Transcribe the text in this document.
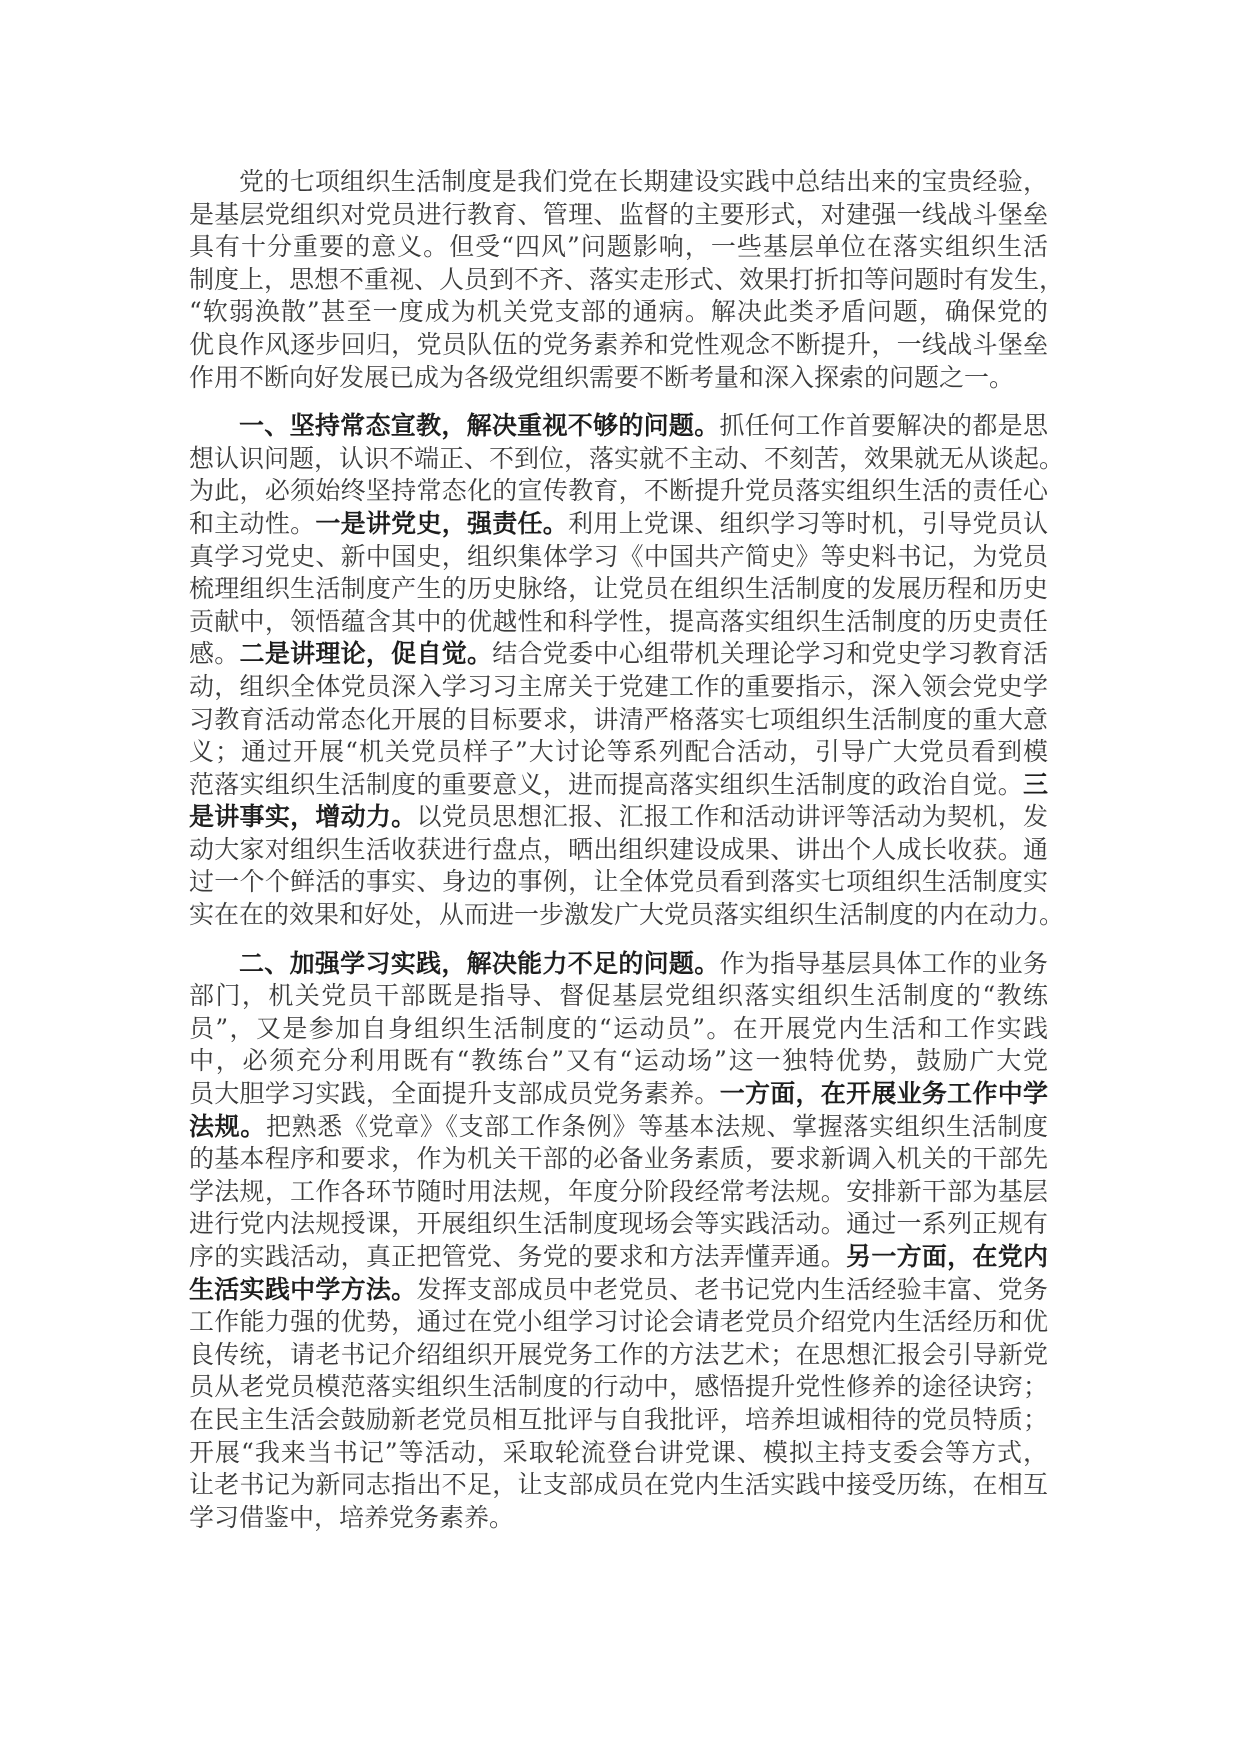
党的七项组织生活制度是我们党在长期建设实践中总结出来的宝贵经验，
是基层党组织对党员进行教育、管理、监督的主要形式，对建强一线战斗堡垒
具有十分重要的意义。但受“四风”问题影响，一些基层单位在落实组织生活
制度上，思想不重视、人员到不齐、落实走形式、效果打折扣等问题时有发生，
“软弱涣散”甚至一度成为机关党支部的通病。解决此类矛盾问题，确保党的
优良作风逐步回归，党员队伍的党务素养和党性观念不断提升，一线战斗堡垒
作用不断向好发展已成为各级党组织需要不断考量和深入探索的问题之一。
一、坚持常态宣教，解决重视不够的问题。抓任何工作首要解决的都是思
想认识问题，认识不端正、不到位，落实就不主动、不刻苦，效果就无从谈起。
为此，必须始终坚持常态化的宣传教育，不断提升党员落实组织生活的责任心
和主动性。一是讲党史，强责任。利用上党课、组织学习等时机，引导党员认
真学习党史、新中国史，组织集体学习《中国共产简史》等史料书记，为党员
梳理组织生活制度产生的历史脉络，让党员在组织生活制度的发展历程和历史
贡献中，领悟蕴含其中的优越性和科学性，提高落实组织生活制度的历史责任
感。二是讲理论，促自觉。结合党委中心组带机关理论学习和党史学习教育活
动，组织全体党员深入学习习主席关于党建工作的重要指示，深入领会党史学
习教育活动常态化开展的目标要求，讲清严格落实七项组织生活制度的重大意
义；通过开展“机关党员样子”大讨论等系列配合活动，引导广大党员看到模
范落实组织生活制度的重要意义，进而提高落实组织生活制度的政治自觉。三
是讲事实，增动力。以党员思想汇报、汇报工作和活动讲评等活动为契机，发
动大家对组织生活收获进行盘点，晒出组织建设成果、讲出个人成长收获。通
过一个个鲜活的事实、身边的事例，让全体党员看到落实七项组织生活制度实
实在在的效果和好处，从而进一步激发广大党员落实组织生活制度的内在动力。
二、加强学习实践，解决能力不足的问题。作为指导基层具体工作的业务
部门，机关党员干部既是指导、督促基层党组织落实组织生活制度的“教练
员”，又是参加自身组织生活制度的“运动员”。在开展党内生活和工作实践
中，必须充分利用既有“教练台”又有“运动场”这一独特优势，鼓励广大党
员大胆学习实践，全面提升支部成员党务素养。一方面，在开展业务工作中学
法规。把熟悉《党章》《支部工作条例》等基本法规、掌握落实组织生活制度
的基本程序和要求，作为机关干部的必备业务素质，要求新调入机关的干部先
学法规，工作各环节随时用法规，年度分阶段经常考法规。安排新干部为基层
进行党内法规授课，开展组织生活制度现场会等实践活动。通过一系列正规有
序的实践活动，真正把管党、务党的要求和方法弄懂弄通。另一方面，在党内
生活实践中学方法。发挥支部成员中老党员、老书记党内生活经验丰富、党务
工作能力强的优势，通过在党小组学习讨论会请老党员介绍党内生活经历和优
良传统，请老书记介绍组织开展党务工作的方法艺术；在思想汇报会引导新党
员从老党员模范落实组织生活制度的行动中，感悟提升党性修养的途径诀窍；
在民主生活会鼓励新老党员相互批评与自我批评，培养坦诚相待的党员特质；
开展“我来当书记”等活动，采取轮流登台讲党课、模拟主持支委会等方式，
让老书记为新同志指出不足，让支部成员在党内生活实践中接受历练，在相互
学习借鉴中，培养党务素养。
